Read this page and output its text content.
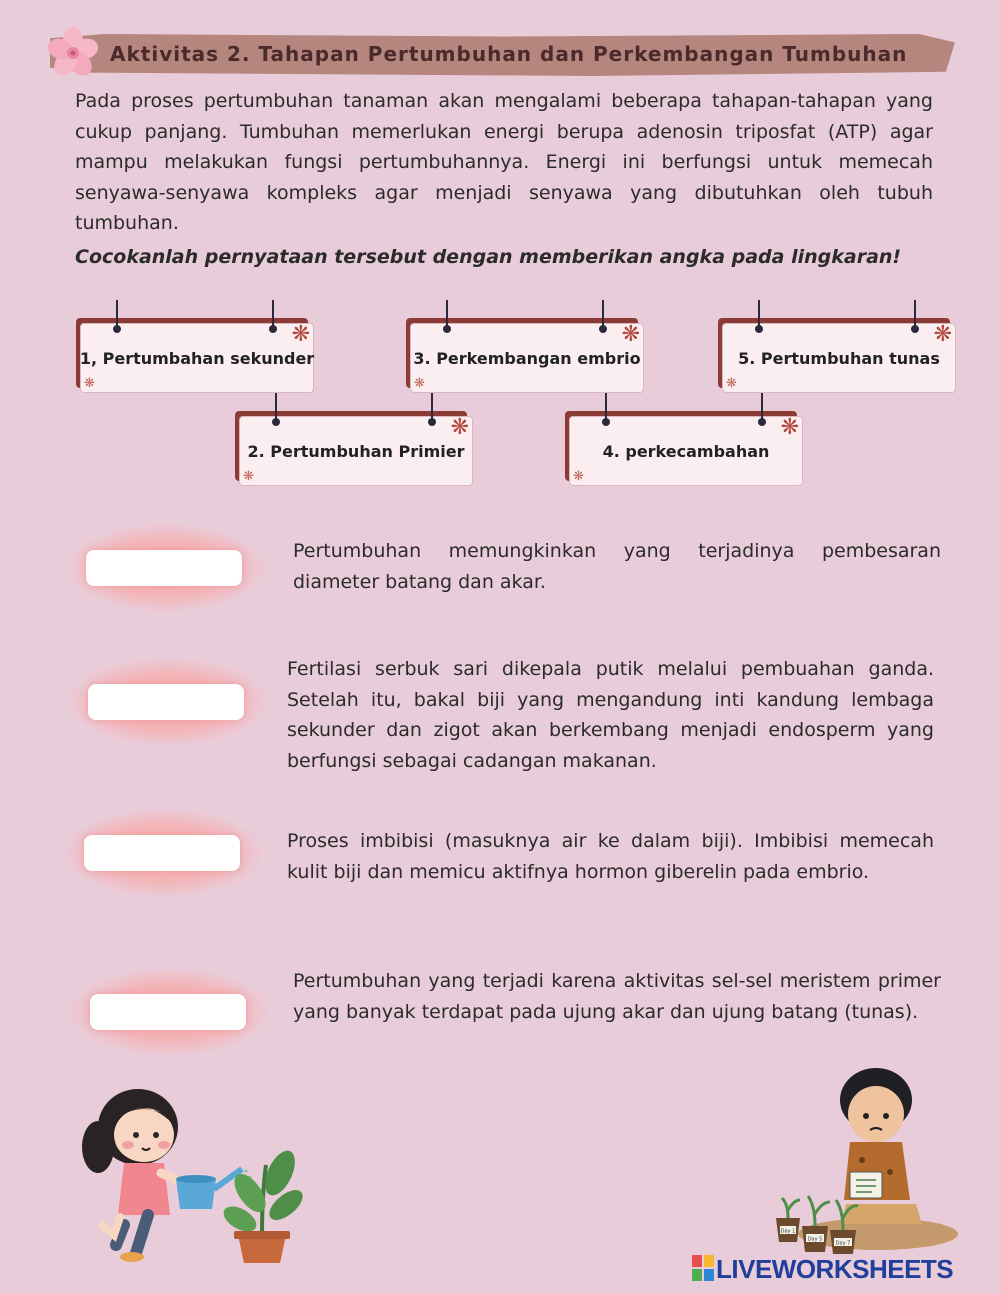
Aktivitas 2. Tahapan Pertumbuhan dan Perkembangan Tumbuhan

Pada proses pertumbuhan tanaman akan mengalami beberapa tahapan-tahapan yang cukup panjang. Tumbuhan memerlukan energi berupa adenosin triposfat (ATP) agar mampu melakukan fungsi pertumbuhannya. Energi ini berfungsi untuk memecah senyawa-senyawa kompleks agar menjadi senyawa yang dibutuhkan oleh tubuh tumbuhan.

Cocokanlah pernyataan tersebut dengan memberikan angka pada lingkaran!

1, Pertumbahan sekunder
❋
❋
3. Perkembangan embrio
❋
❋
5. Pertumbuhan tunas
❋
❋
2. Pertumbuhan Primier
❋
❋
4. perkecambahan
❋
❋

Pertumbuhan memungkinkan yang terjadinya pembesaran diameter batang dan akar.

Fertilasi serbuk sari dikepala putik melalui pembuahan ganda. Setelah itu, bakal biji yang mengandung inti kandung lembaga sekunder dan zigot akan berkembang menjadi endosperm yang berfungsi sebagai cadangan makanan.

Proses imbibisi (masuknya air ke dalam biji). Imbibisi memecah kulit biji dan memicu aktifnya hormon giberelin pada embrio.

Pertumbuhan yang terjadi karena aktivitas sel-sel meristem primer yang banyak terdapat pada ujung akar dan ujung batang (tunas).

Day 1
Day 5
Day 7
LIVEWORKSHEETS
